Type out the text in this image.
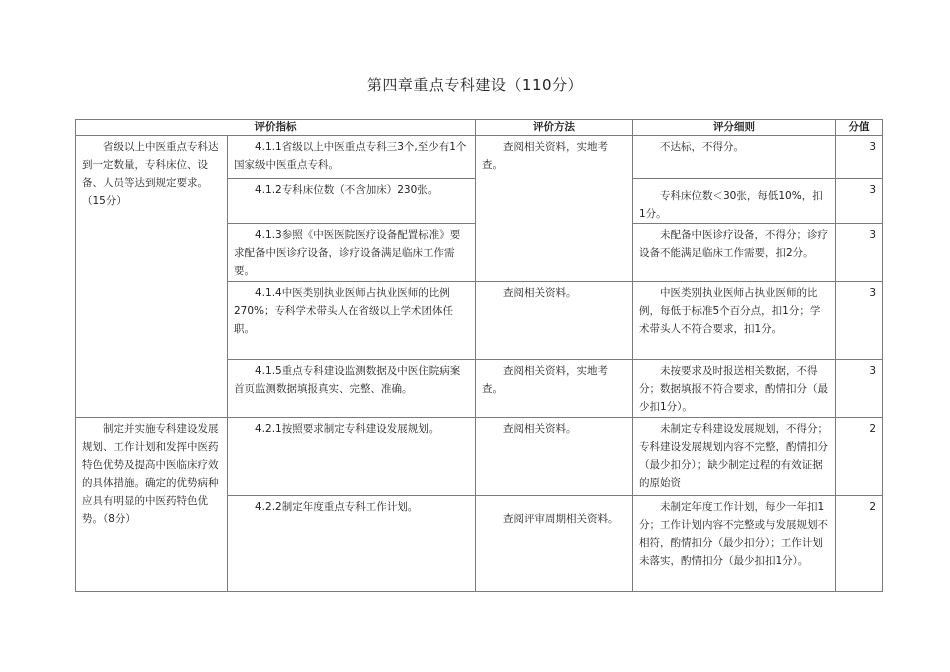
第四章重点专科建设（110分）
评价指标		评价方法	评分细则	分值
省级以上中医重点专科达到一定数量，专科床位、设备、人员等达到规定要求。（15分）	4.1.1省级以上中医重点专科三3个,至少有1个国家级中医重点专科。	查阅相关资料，实地考查。	不达标，不得分。	3
	4.1.2专科床位数（不含加床）230张。		专科床位数＜30张，每低10%，扣1分。	3
	4.1.3参照《中医医院医疗设备配置标准》要求配备中医诊疗设备，诊疗设备满足临床工作需要。		未配备中医诊疗设备，不得分；诊疗设备不能满足临床工作需要，扣2分。	3
	4.1.4中医类别执业医师占执业医师的比例270%；专科学术带头人在省级以上学术团体任职。	查阅相关资料。	中医类别执业医师占执业医师的比例，每低于标准5个百分点，扣1分；学术带头人不符合要求，扣1分。	3
	4.1.5重点专科建设监测数据及中医住院病案首页监测数据填报真实、完整、准确。	查阅相关资料，实地考查。	未按要求及时报送相关数据，不得分；数据填报不符合要求，酌情扣分（最少扣1分）。	3
制定并实施专科建设发展规划、工作计划和发挥中医药特色优势及提高中医临床疗效的具体措施。确定的优势病种应具有明显的中医药特色优势。（8分）	4.2.1按照要求制定专科建设发展规划。	查阅相关资料。	未制定专科建设发展规划，不得分；专科建设发展规划内容不完整，酌情扣分（最少扣分）；缺少制定过程的有效证据的原始资	2
	4.2.2制定年度重点专科工作计划。	查阅评审周期相关资料。	未制定年度工作计划，每少一年扣1分；工作计划内容不完整或与发展规划不相符，酌情扣分（最少扣分）；工作计划未落实，酌情扣分（最少扣扣1分）。	2
